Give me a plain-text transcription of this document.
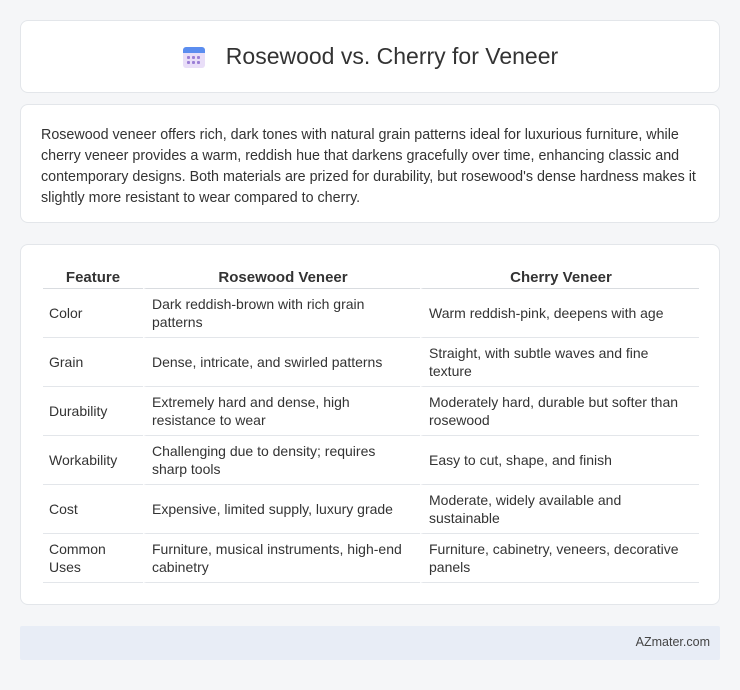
Rosewood vs. Cherry for Veneer

Rosewood veneer offers rich, dark tones with natural grain patterns ideal for luxurious furniture, while cherry veneer provides a warm, reddish hue that darkens gracefully over time, enhancing classic and contemporary designs. Both materials are prized for durability, but rosewood's dense hardness makes it slightly more resistant to wear compared to cherry.

Feature	Rosewood Veneer	Cherry Veneer
Color	Dark reddish-brown with rich grain patterns	Warm reddish-pink, deepens with age
Grain	Dense, intricate, and swirled patterns	Straight, with subtle waves and fine texture
Durability	Extremely hard and dense, high resistance to wear	Moderately hard, durable but softer than rosewood
Workability	Challenging due to density; requires sharp tools	Easy to cut, shape, and finish
Cost	Expensive, limited supply, luxury grade	Moderate, widely available and sustainable
Common Uses	Furniture, musical instruments, high-end cabinetry	Furniture, cabinetry, veneers, decorative panels
AZmater.com
